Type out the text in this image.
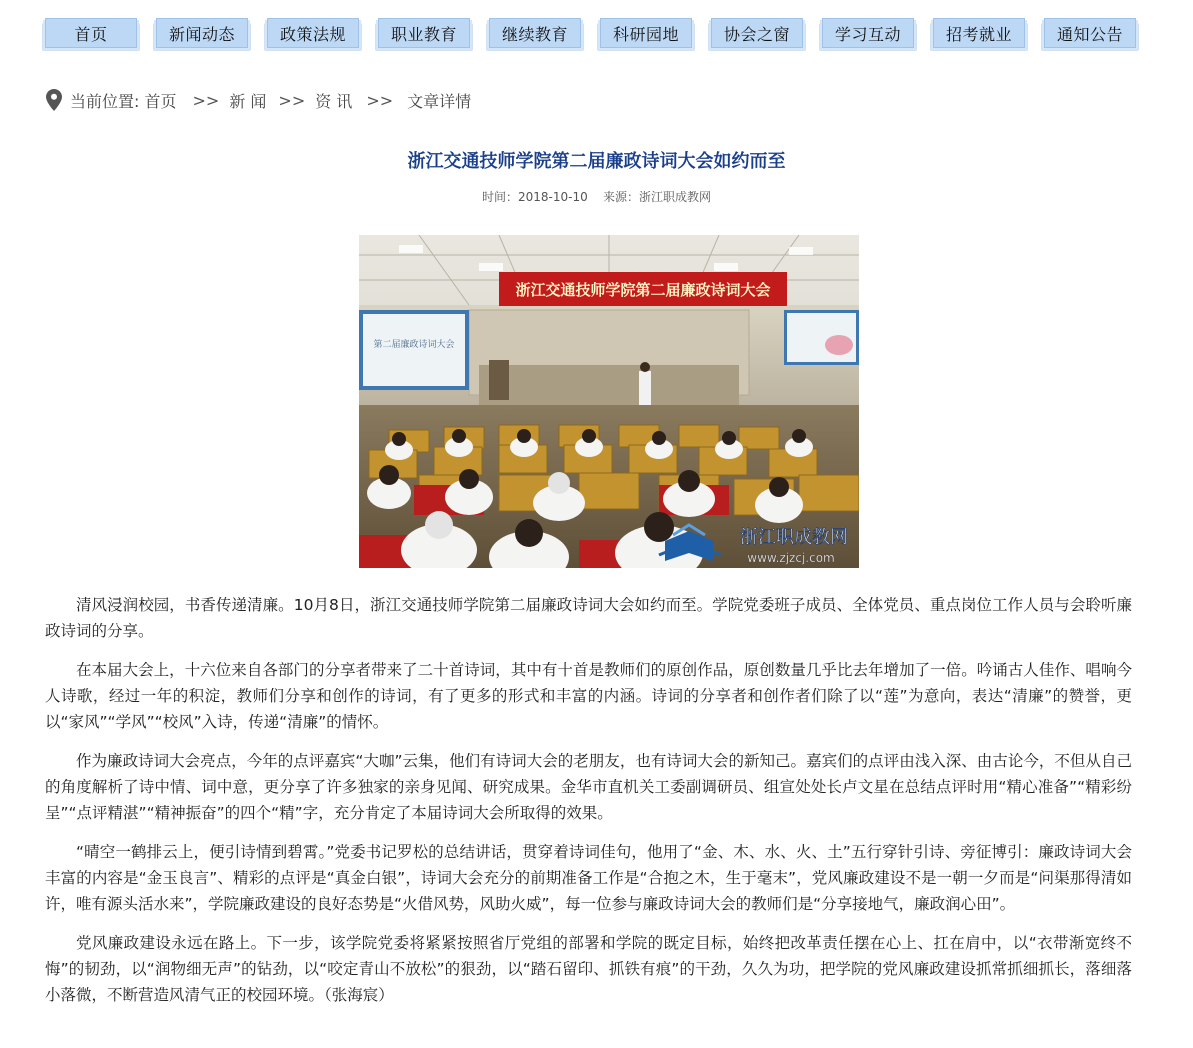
首页	新闻动态	政策法规	职业教育	继续教育	科研园地	协会之窗	学习互动	招考就业	通知公告
当前位置: 首页 >> 新 闻 >> 资 讯 >> 文章详情
浙江交通技师学院第二届廉政诗词大会如约而至
时间：2018-10-10 来源：浙江职成教网
浙江交通技师学院第二届廉政诗词大会
第二届廉政诗词大会
浙江职成教网
www.zjzcj.com

清风浸润校园，书香传递清廉。10月8日，浙江交通技师学院第二届廉政诗词大会如约而至。学院党委班子成员、全体党员、重点岗位工作人员与会聆听廉政诗词的分享。

在本届大会上，十六位来自各部门的分享者带来了二十首诗词，其中有十首是教师们的原创作品，原创数量几乎比去年增加了一倍。吟诵古人佳作、唱响今人诗歌，经过一年的积淀，教师们分享和创作的诗词，有了更多的形式和丰富的内涵。诗词的分享者和创作者们除了以“莲”为意向，表达“清廉”的赞誉，更以“家风”“学风”“校风”入诗，传递“清廉”的情怀。

作为廉政诗词大会亮点，今年的点评嘉宾“大咖”云集，他们有诗词大会的老朋友，也有诗词大会的新知己。嘉宾们的点评由浅入深、由古论今，不但从自己的角度解析了诗中情、词中意，更分享了许多独家的亲身见闻、研究成果。金华市直机关工委副调研员、组宣处处长卢文星在总结点评时用“精心准备”“精彩纷呈”“点评精湛”“精神振奋”的四个“精”字，充分肯定了本届诗词大会所取得的效果。

“晴空一鹤排云上，便引诗情到碧霄。”党委书记罗松的总结讲话，贯穿着诗词佳句，他用了“金、木、水、火、土”五行穿针引诗、旁征博引：廉政诗词大会丰富的内容是“金玉良言”、精彩的点评是“真金白银”，诗词大会充分的前期准备工作是“合抱之木，生于毫末”，党风廉政建设不是一朝一夕而是“问渠那得清如许，唯有源头活水来”，学院廉政建设的良好态势是“火借风势，风助火威”，每一位参与廉政诗词大会的教师们是“分享接地气，廉政润心田”。

党风廉政建设永远在路上。下一步，该学院党委将紧紧按照省厅党组的部署和学院的既定目标，始终把改革责任摆在心上、扛在肩中，以“衣带渐宽终不悔”的韧劲，以“润物细无声”的钻劲，以“咬定青山不放松”的狠劲，以“踏石留印、抓铁有痕”的干劲，久久为功，把学院的党风廉政建设抓常抓细抓长，落细落小落微，不断营造风清气正的校园环境。（张海宸）
